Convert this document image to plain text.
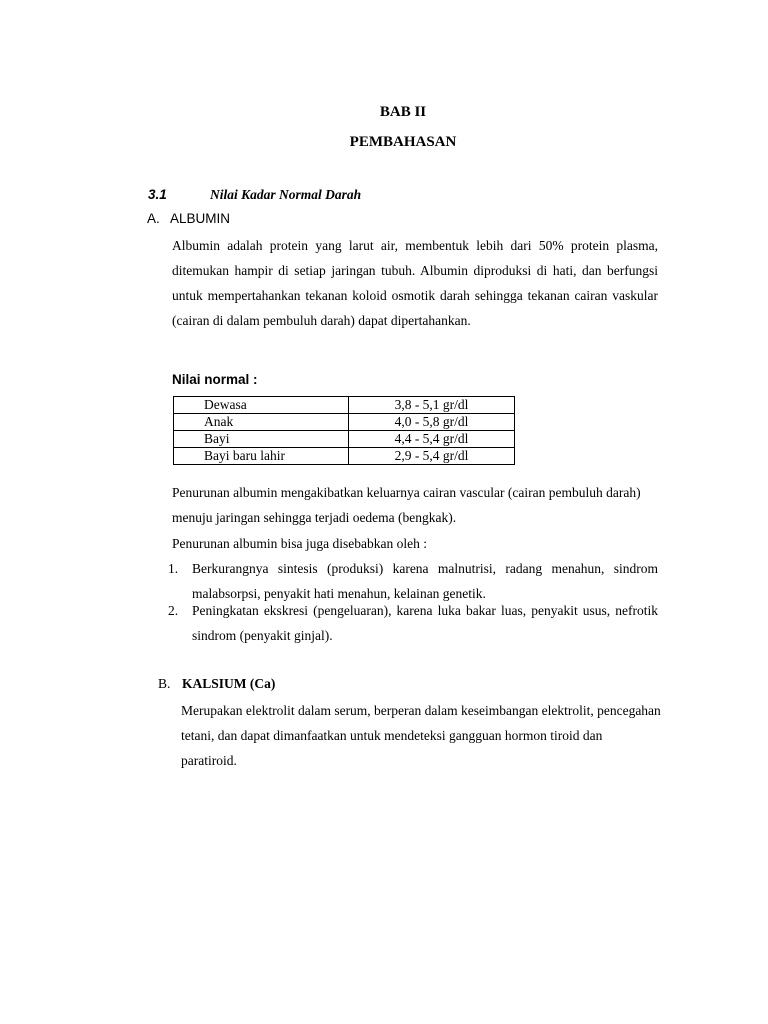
BAB II
PEMBAHASAN
3.1	Nilai Kadar Normal Darah
A. ALBUMIN
Albumin adalah protein yang larut air, membentuk lebih dari 50% protein plasma, ditemukan hampir di setiap jaringan tubuh. Albumin diproduksi di hati, dan berfungsi untuk mempertahankan tekanan koloid osmotik darah sehingga tekanan cairan vaskular (cairan di dalam pembuluh darah) dapat dipertahankan.
Nilai normal :
Dewasa	3,8 - 5,1 gr/dl
Anak	4,0 - 5,8 gr/dl
Bayi	4,4 - 5,4 gr/dl
Bayi baru lahir	2,9 - 5,4 gr/dl
Penurunan albumin mengakibatkan keluarnya cairan vascular (cairan pembuluh darah) menuju jaringan sehingga terjadi oedema (bengkak).
Penurunan albumin bisa juga disebabkan oleh :
1. Berkurangnya sintesis (produksi) karena malnutrisi, radang menahun, sindrom malabsorpsi, penyakit hati menahun, kelainan genetik.
2. Peningkatan ekskresi (pengeluaran), karena luka bakar luas, penyakit usus, nefrotik sindrom (penyakit ginjal).
B. KALSIUM (Ca)
Merupakan elektrolit dalam serum, berperan dalam keseimbangan elektrolit, pencegahan tetani, dan dapat dimanfaatkan untuk mendeteksi gangguan hormon tiroid dan paratiroid.
